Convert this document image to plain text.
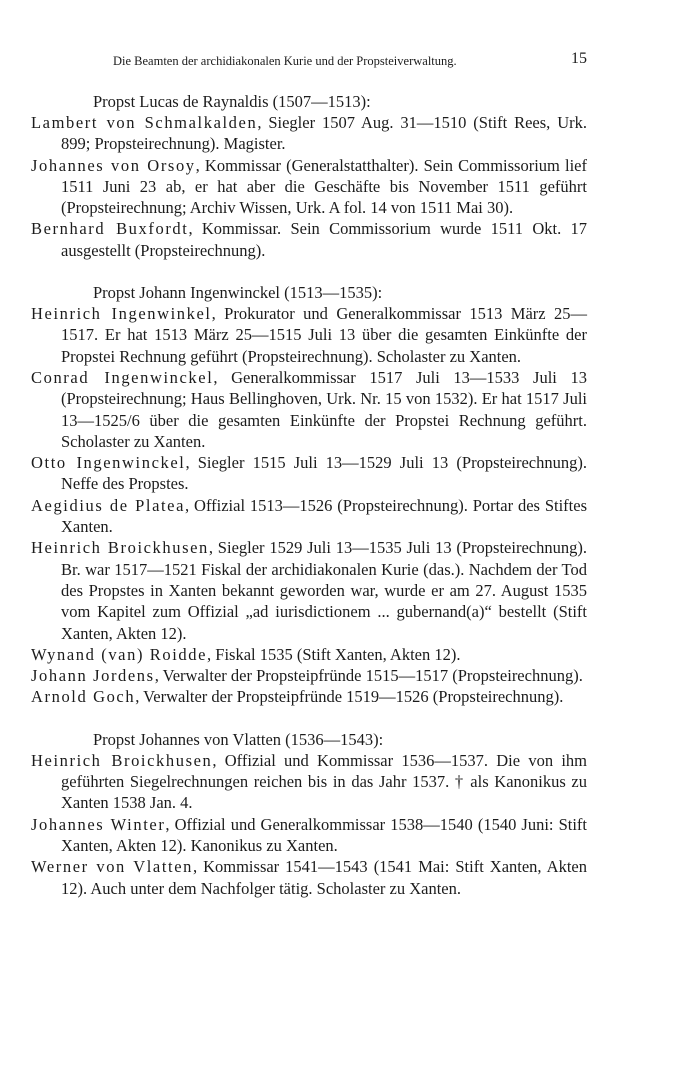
Die Beamten der archidiakonalen Kurie und der Propsteiverwaltung.	15
Propst Lucas de Raynaldis (1507—1513):
Lambert von Schmalkalden, Siegler 1507 Aug. 31—1510 (Stift Rees, Urk. 899; Propsteirechnung). Magister.
Johannes von Orsoy, Kommissar (Generalstatthalter). Sein Commissorium lief 1511 Juni 23 ab, er hat aber die Geschäfte bis November 1511 geführt (Propsteirechnung; Archiv Wissen, Urk. A fol. 14 von 1511 Mai 30).
Bernhard Buxfordt, Kommissar. Sein Commissorium wurde 1511 Okt. 17 ausgestellt (Propsteirechnung).
Propst Johann Ingenwinckel (1513—1535):
Heinrich Ingenwinkel, Prokurator und Generalkommissar 1513 März 25—1517. Er hat 1513 März 25—1515 Juli 13 über die gesamten Einkünfte der Propstei Rechnung geführt (Propsteirechnung). Scholaster zu Xanten.
Conrad Ingenwinckel, Generalkommissar 1517 Juli 13—1533 Juli 13 (Propsteirechnung; Haus Bellinghoven, Urk. Nr. 15 von 1532). Er hat 1517 Juli 13—1525/6 über die gesamten Einkünfte der Propstei Rechnung geführt. Scholaster zu Xanten.
Otto Ingenwinckel, Siegler 1515 Juli 13—1529 Juli 13 (Propsteirechnung). Neffe des Propstes.
Aegidius de Platea, Offizial 1513—1526 (Propsteirechnung). Portar des Stiftes Xanten.
Heinrich Broickhusen, Siegler 1529 Juli 13—1535 Juli 13 (Propsteirechnung). Br. war 1517—1521 Fiskal der archidiakonalen Kurie (das.). Nachdem der Tod des Propstes in Xanten bekannt geworden war, wurde er am 27. August 1535 vom Kapitel zum Offizial „ad iurisdictionem ... gubernand(a)“ bestellt (Stift Xanten, Akten 12).
Wynand (van) Roidde, Fiskal 1535 (Stift Xanten, Akten 12).
Johann Jordens, Verwalter der Propsteipfründe 1515—1517 (Propsteirechnung).
Arnold Goch, Verwalter der Propsteipfründe 1519—1526 (Propsteirechnung).
Propst Johannes von Vlatten (1536—1543):
Heinrich Broickhusen, Offizial und Kommissar 1536—1537. Die von ihm geführten Siegelrechnungen reichen bis in das Jahr 1537. † als Kanonikus zu Xanten 1538 Jan. 4.
Johannes Winter, Offizial und Generalkommissar 1538—1540 (1540 Juni: Stift Xanten, Akten 12). Kanonikus zu Xanten.
Werner von Vlatten, Kommissar 1541—1543 (1541 Mai: Stift Xanten, Akten 12). Auch unter dem Nachfolger tätig. Scholaster zu Xanten.
